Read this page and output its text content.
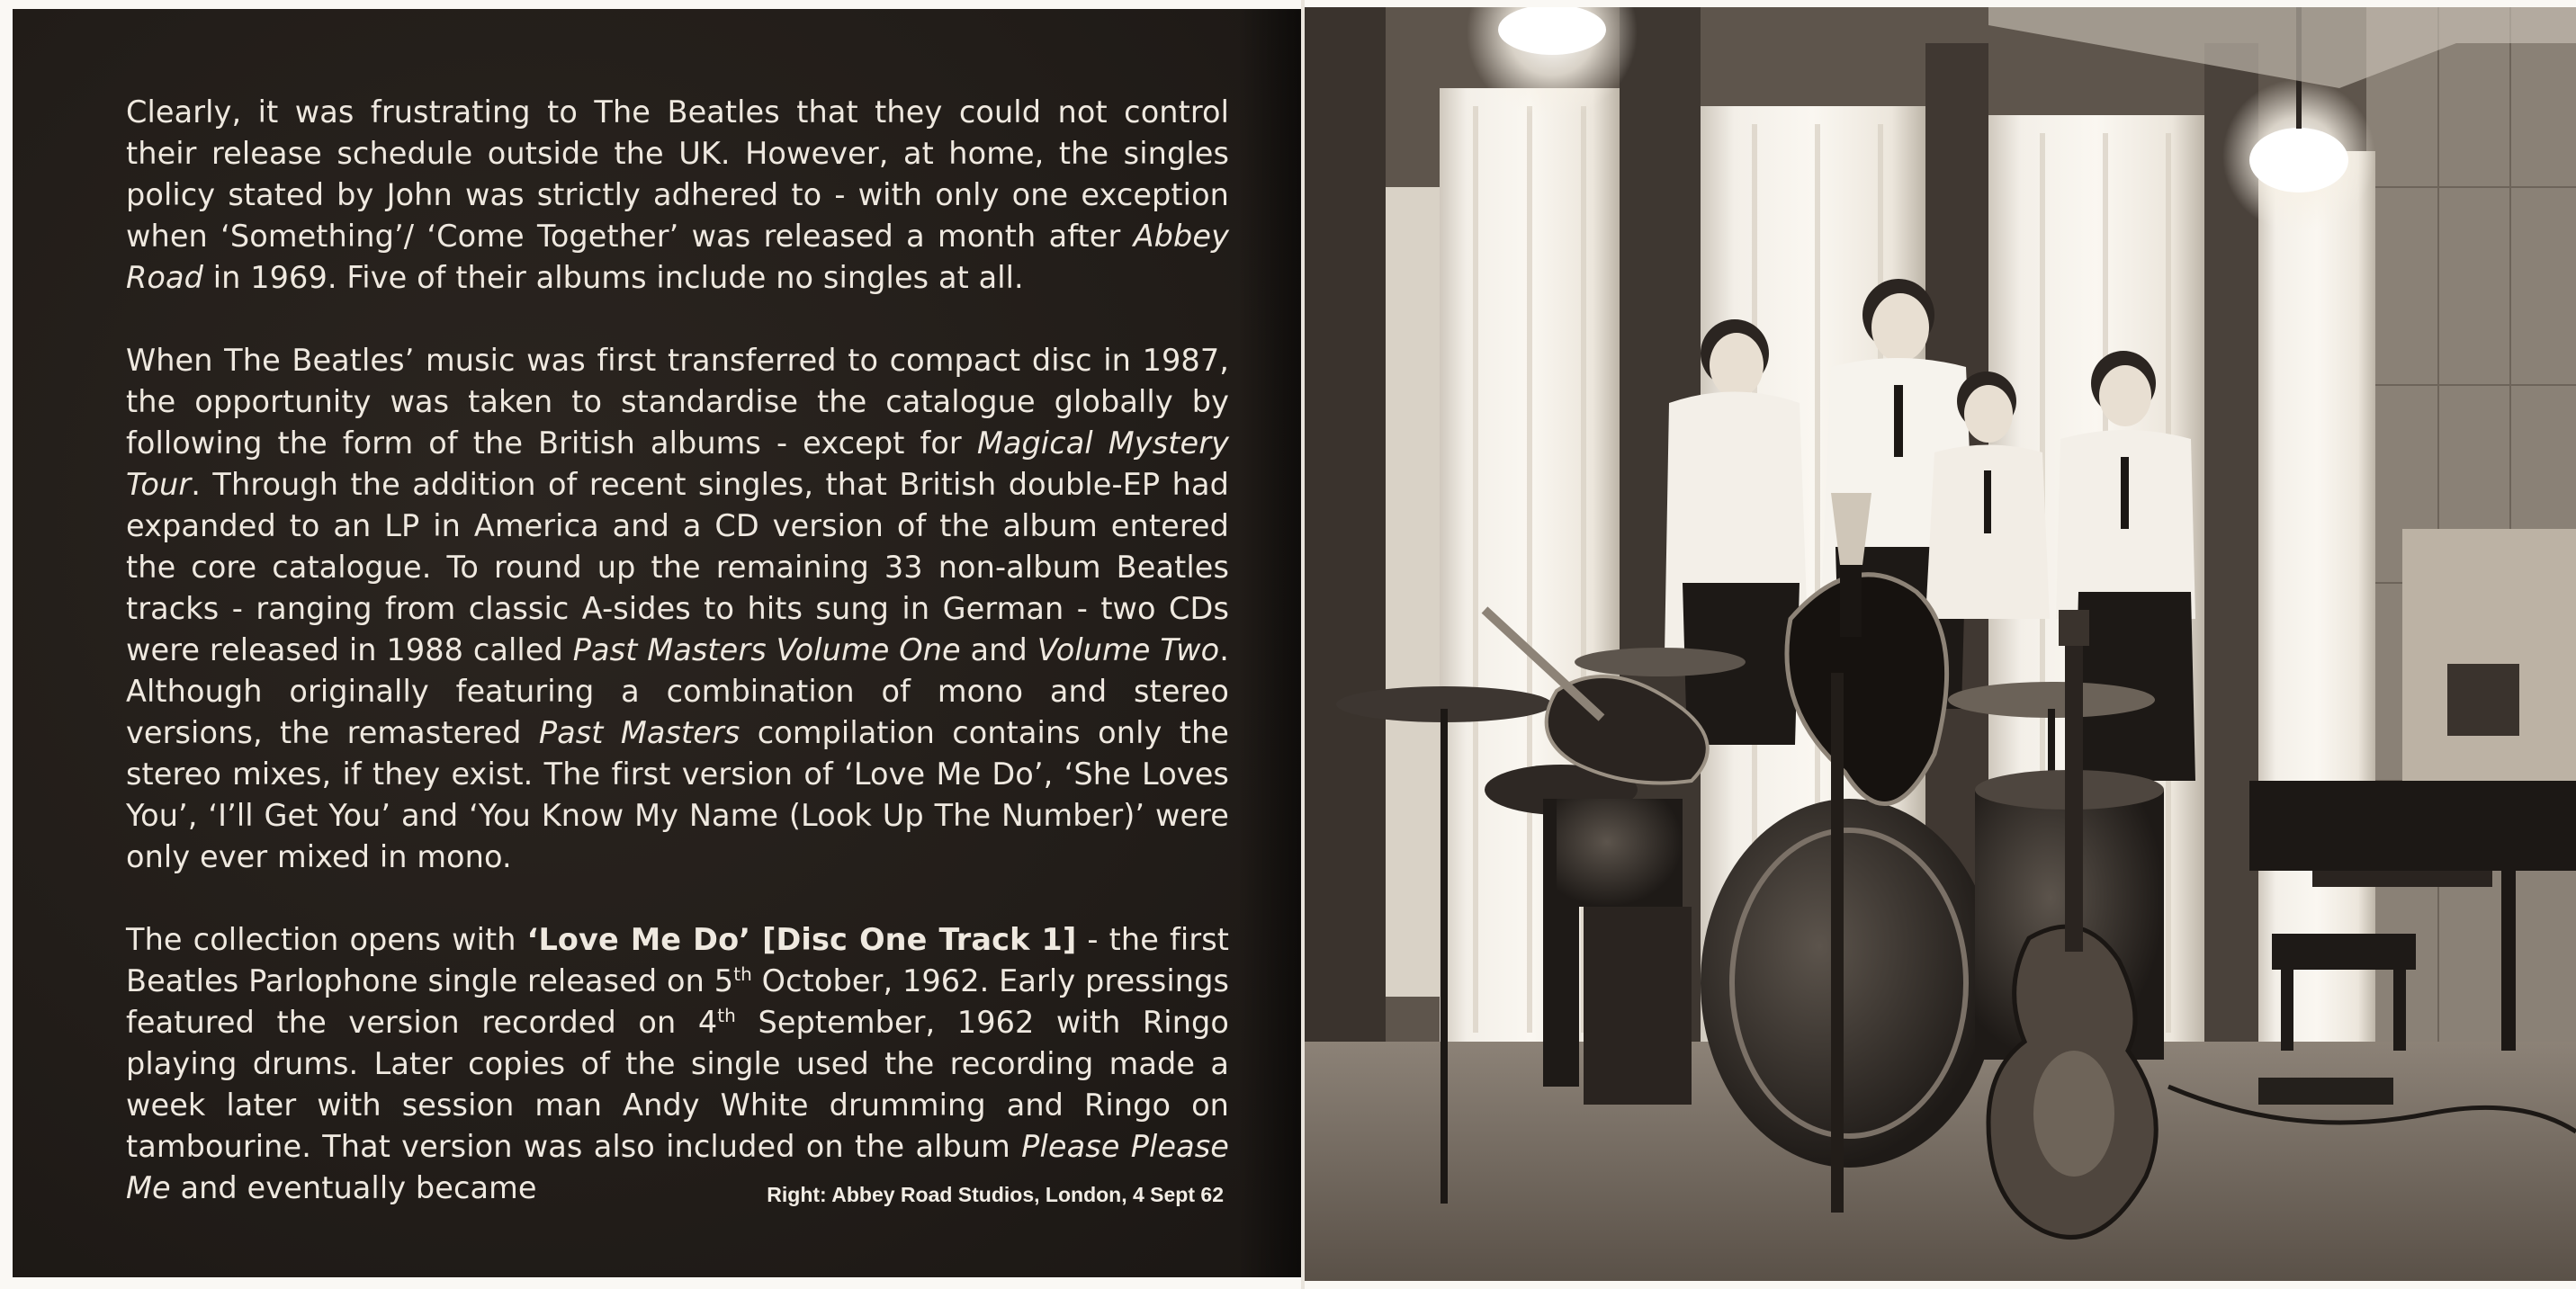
Clearly, it was frustrating to The Beatles that they could not control their release schedule outside the UK. However, at home, the singles policy stated by John was strictly adhered to - with only one exception when ‘Something’/ ‘Come Together’ was released a month after Abbey Road in 1969. Five of their albums include no singles at all.

When The Beatles’ music was first transferred to compact disc in 1987, the opportunity was taken to standardise the catalogue globally by following the form of the British albums - except for Magical Mystery Tour. Through the addition of recent singles, that British double-EP had expanded to an LP in America and a CD version of the album entered the core catalogue. To round up the remaining 33 non-album Beatles tracks - ranging from classic A-sides to hits sung in German - two CDs were released in 1988 called Past Masters Volume One and Volume Two. Although originally featuring a combination of mono and stereo versions, the remastered Past Masters compilation contains only the stereo mixes, if they exist. The first version of ‘Love Me Do’, ‘She Loves You’, ‘I’ll Get You’ and ‘You Know My Name (Look Up The Number)’ were only ever mixed in mono.

The collection opens with ‘Love Me Do’ [Disc One Track 1] - the first Beatles Parlophone single released on 5th October, 1962. Early pressings featured the version recorded on 4th September, 1962 with Ringo playing drums. Later copies of the single used the recording made a week later with session man Andy White drumming and Ringo on tambourine. That version was also included on the album Please Please Me and eventually became	Right: Abbey Road Studios, London, 4 Sept 62
